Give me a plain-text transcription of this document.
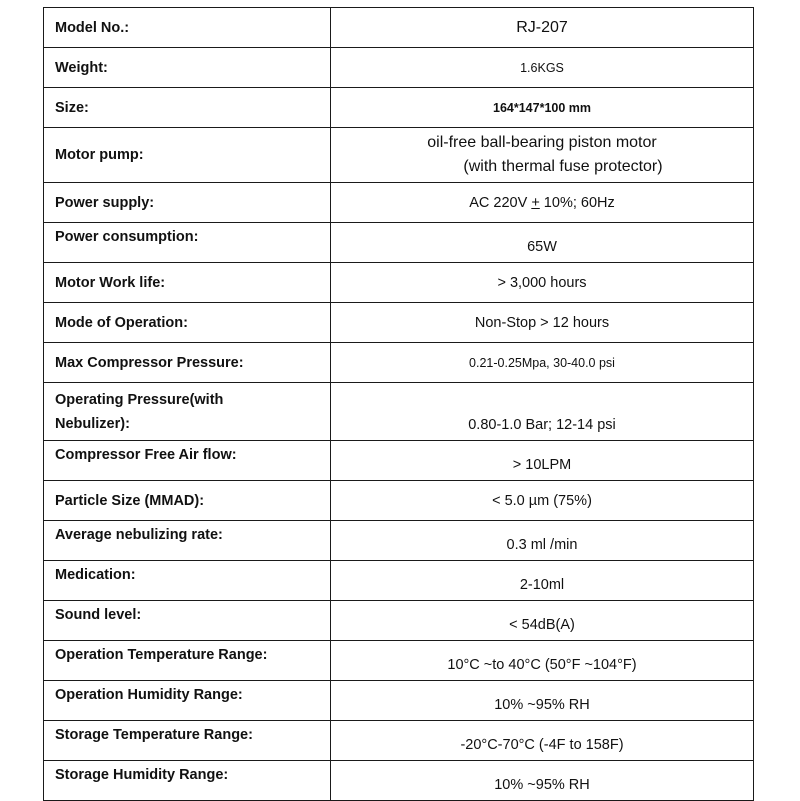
Model No.:	RJ-207
Weight:	1.6KGS
Size:	164*147*100 mm
Motor pump:	oil-free ball-bearing piston motor
(with thermal fuse protector)

Power supply:	AC 220V + 10%; 60Hz
Power consumption:	65W
Motor Work life:	> 3,000 hours
Mode of Operation:	Non-Stop > 12 hours
Max Compressor Pressure:	0.21-0.25Mpa, 30-40.0 psi

Operating Pressure(with
Nebulizer):	0.80-1.0 Bar; 12-14 psi
Compressor Free Air flow:	> 10LPM
Particle Size (MMAD):	< 5.0 µm (75%)
Average nebulizing rate:	0.3 ml /min
Medication:	2-10ml
Sound level:	< 54dB(A)
Operation Temperature Range:	10°C ~to 40°C (50°F ~104°F)
Operation Humidity Range:	10% ~95% RH
Storage Temperature Range:	-20°C-70°C (-4F to 158F)
Storage Humidity Range:	10% ~95% RH
